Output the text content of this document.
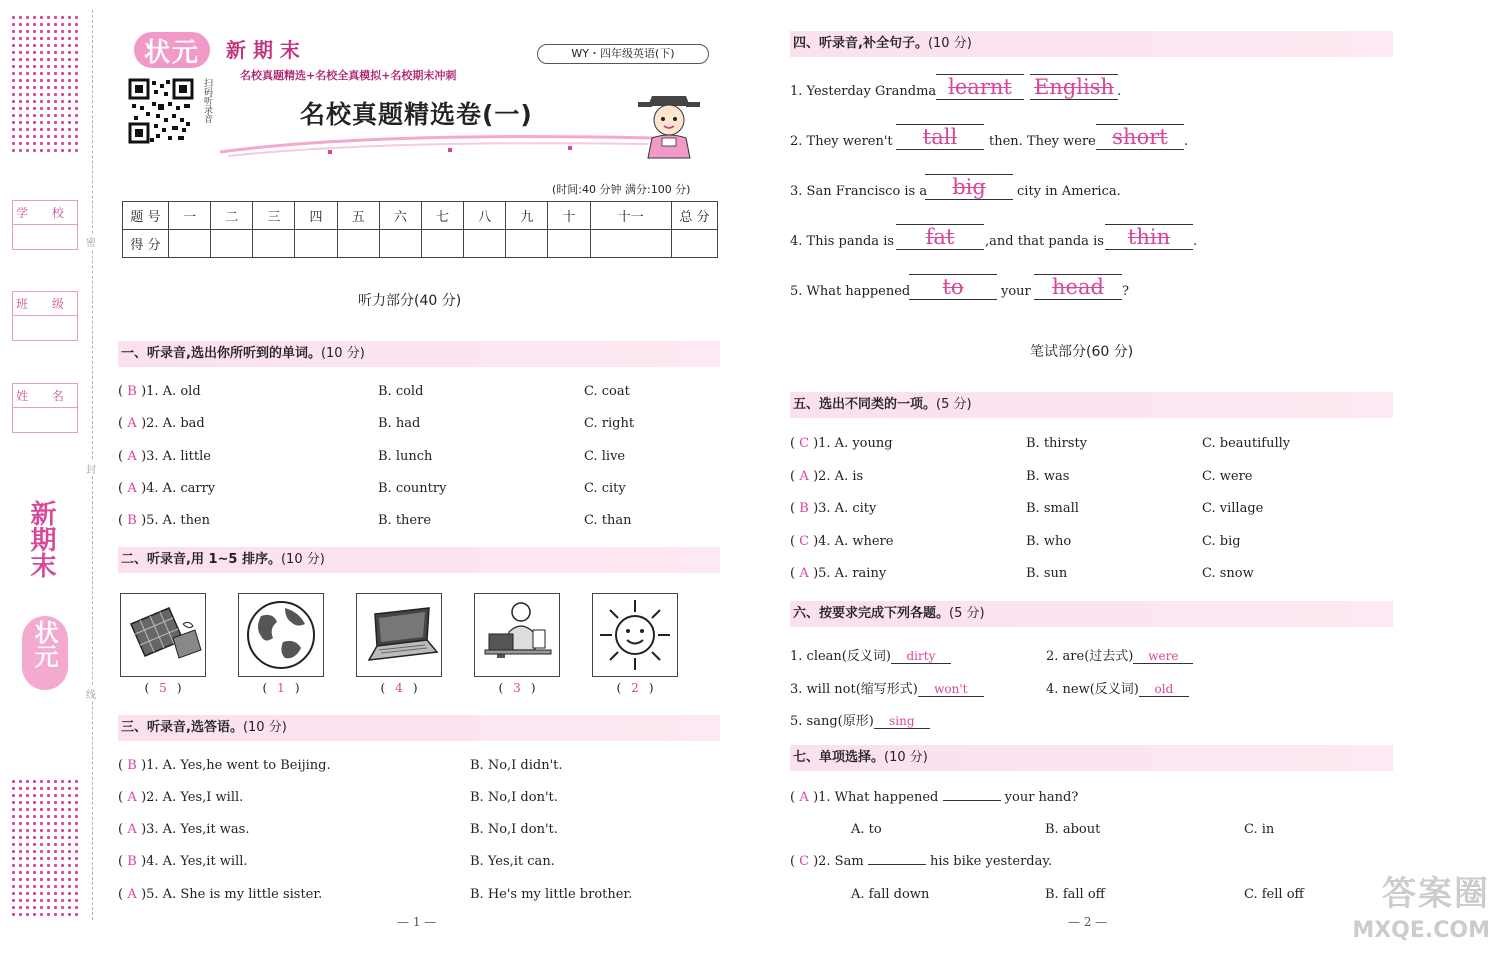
学 校
班 级
姓 名
密
封
线
新期末
状元
状元 新 期 末
名校真题精选+名校全真模拟+名校期末冲刺
WY・四年级英语(下)
扫码听录音	名校真题精选卷(一)
(时间:40 分钟 满分:100 分)
题 号	一	二	三	四	五	六	七	八	九	十	十一	总 分
得 分												
听力部分(40 分)
一、听录音,选出你所听到的单词。(10 分)
( B )1. A. old	B. cold	C. coat
( A )2. A. bad	B. had	C. right
( A )3. A. little	B. lunch	C. live
( A )4. A. carry	B. country	C. city
( B )5. A. then	B. there	C. than
二、听录音,用 1~5 排序。(10 分)
( 5 )	( 1 )	( 4 )	( 3 )	( 2 )
三、听录音,选答语。(10 分)
( B )1. A. Yes,he went to Beijing.	B. No,I didn't.
( A )2. A. Yes,I will.	B. No,I don't.
( A )3. A. Yes,it was.	B. No,I don't.
( B )4. A. Yes,it will.	B. Yes,it can.
( A )5. A. She is my little sister.	B. He's my little brother.
— 1 —
四、听录音,补全句子。(10 分)
1. Yesterday Grandma learnt	English .
2. They weren't	tall	then. They were short	.
3. San Francisco is a	big	city in America.
4. This panda is	fat	,and that panda is	thin	.
5. What happened	to	your	head	?
笔试部分(60 分)
五、选出不同类的一项。(5 分)
( C )1. A. young	B. thirsty	C. beautifully
( A )2. A. is	B. was	C. were
( B )3. A. city	B. small	C. village
( C )4. A. where	B. who	C. big
( A )5. A. rainy	B. sun	C. snow
六、按要求完成下列各题。(5 分)
1. clean(反义词) dirty	2. are(过去式) were
3. will not(缩写形式) won't	4. new(反义词) old
5. sang(原形) sing
七、单项选择。(10 分)
( A )1. What happened	your hand?
A. to	B. about	C. in
( C )2. Sam	his bike yesterday.
A. fall down	B. fall off	C. fell off
— 2 —
答案圈
MXQE.COM
